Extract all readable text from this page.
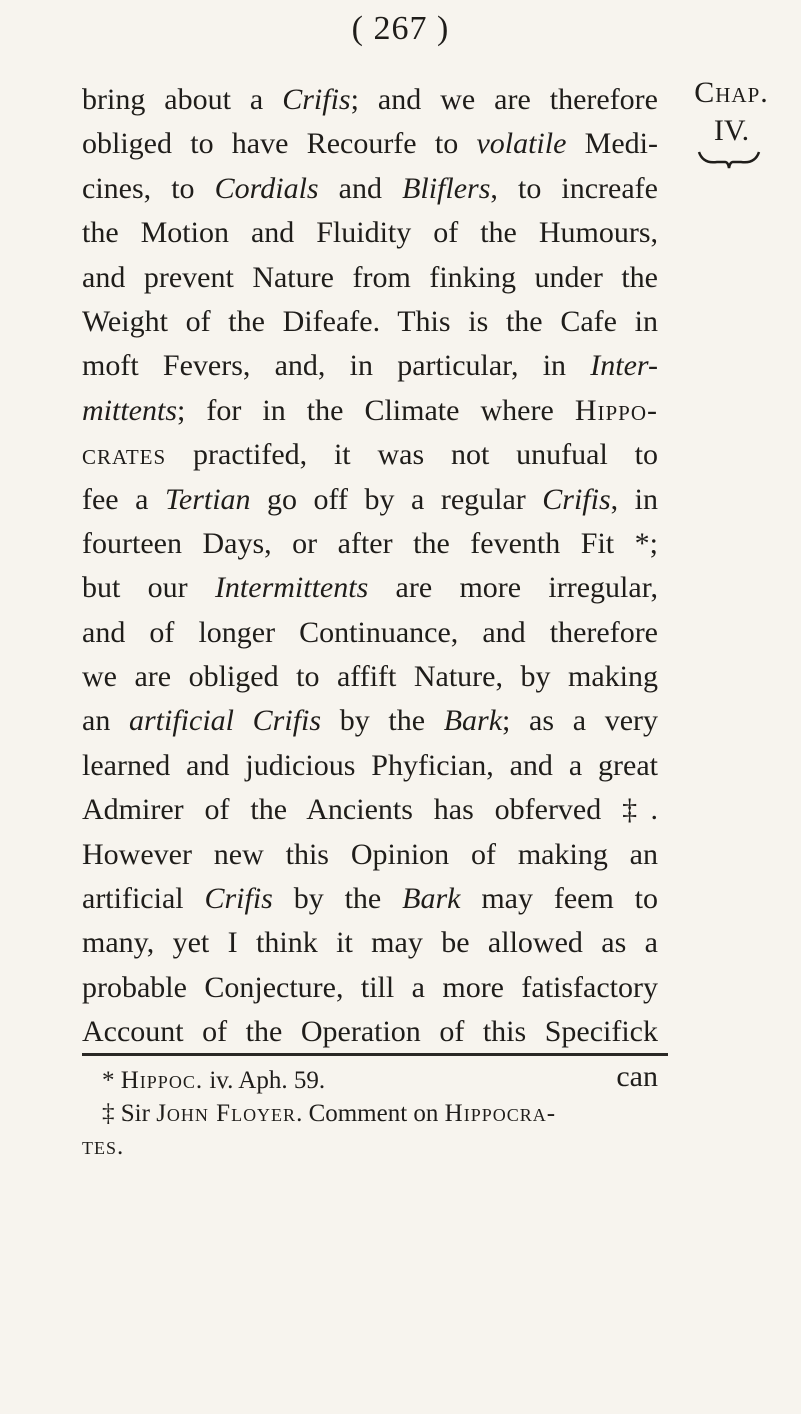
( 267 )
Chap.
IV.
bring about a Crifis; and we are therefore
obliged to have Recourfe to volatile Medi-
cines, to Cordials and Bliflers, to increafe
the Motion and Fluidity of the Humours,
and prevent Nature from finking under the
Weight of the Difeafe. This is the Cafe in
moft Fevers, and, in particular, in Inter-
mittents; for in the Climate where Hippo-
crates practifed, it was not unufual to
fee a Tertian go off by a regular Crifis, in
fourteen Days, or after the feventh Fit *;
but our Intermittents are more irregular,
and of longer Continuance, and therefore
we are obliged to affift Nature, by making
an artificial Crifis by the Bark; as a very
learned and judicious Phyfician, and a great
Admirer of the Ancients has obferved ‡.
However new this Opinion of making an
artificial Crifis by the Bark may feem to
many, yet I think it may be allowed as a
probable Conjecture, till a more fatisfactory
Account of the Operation of this Specifick
can
* Hippoc. iv. Aph. 59.
‡ Sir John Floyer. Comment on Hippocra-
tes.
